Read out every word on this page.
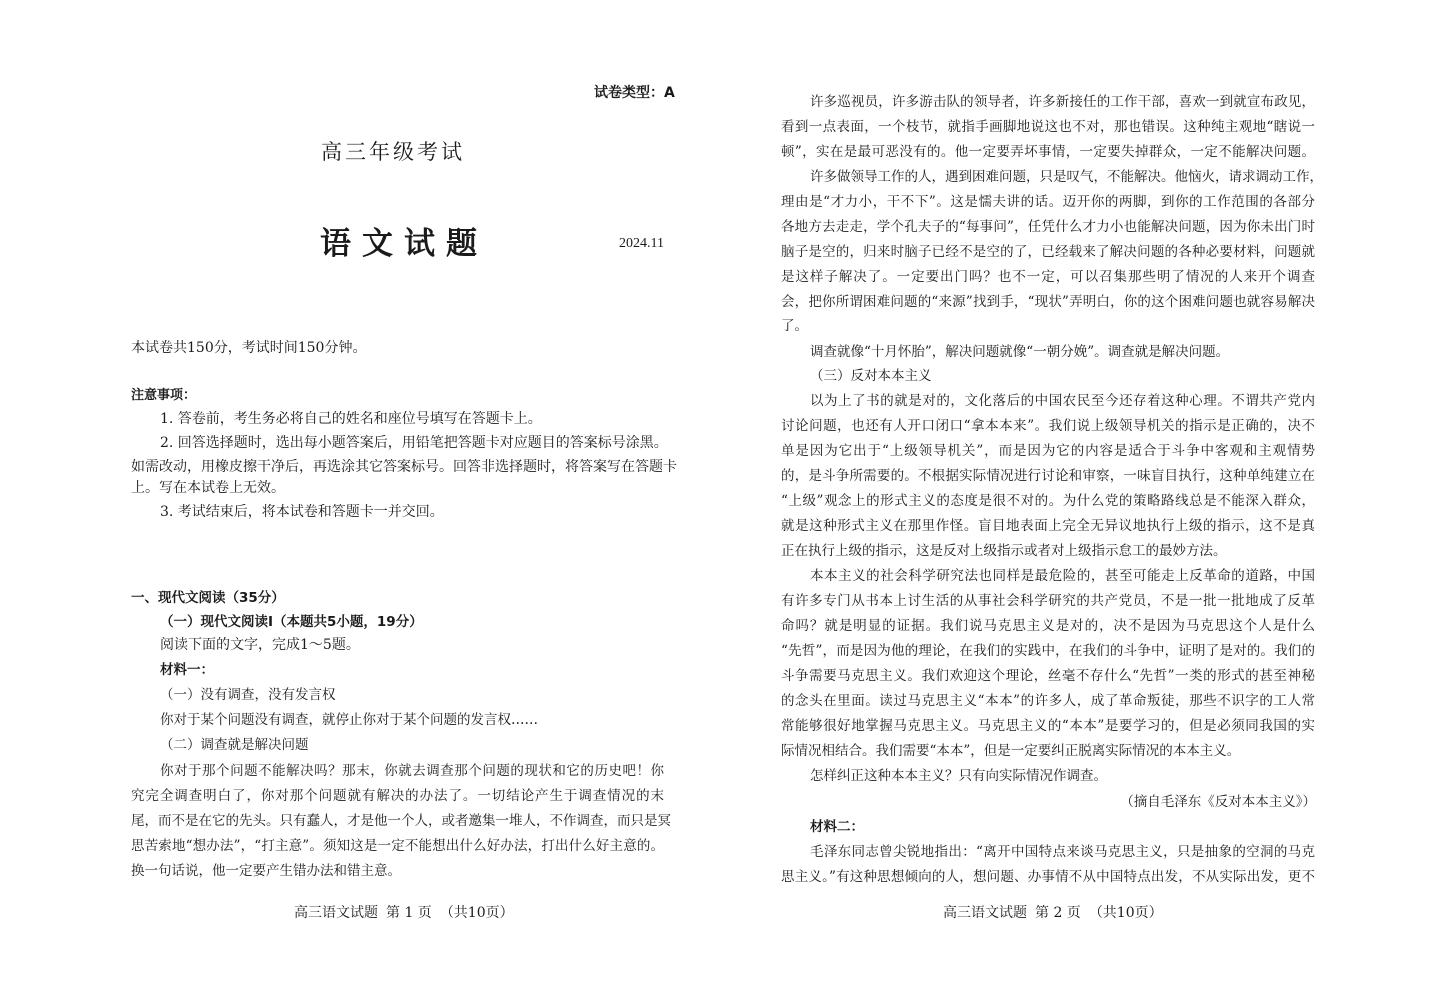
试卷类型：A
高三年级考试
语文试题	2024.11
本试卷共150分，考试时间150分钟。
注意事项：
1. 答卷前，考生务必将自己的姓名和座位号填写在答题卡上。
2. 回答选择题时，选出每小题答案后，用铅笔把答题卡对应题目的答案标号涂黑。
如需改动，用橡皮擦干净后，再选涂其它答案标号。回答非选择题时，将答案写在答题卡
上。写在本试卷上无效。
3. 考试结束后，将本试卷和答题卡一并交回。
一、现代文阅读（35分）
（一）现代文阅读Ⅰ（本题共5小题，19分）
阅读下面的文字，完成1～5题。
材料一：
（一）没有调查，没有发言权
你对于某个问题没有调查，就停止你对于某个问题的发言权……
（二）调查就是解决问题
你对于那个问题不能解决吗？那末，你就去调查那个问题的现状和它的历史吧！你
究完全调查明白了，你对那个问题就有解决的办法了。一切结论产生于调查情况的末
尾，而不是在它的先头。只有蠢人，才是他一个人，或者邀集一堆人，不作调查，而只是冥
思苦索地“想办法”，“打主意”。须知这是一定不能想出什么好办法，打出什么好主意的。
换一句话说，他一定要产生错办法和错主意。
高三语文试题 第 1 页 （共10页）
许多巡视员，许多游击队的领导者，许多新接任的工作干部，喜欢一到就宣布政见，
看到一点表面，一个枝节，就指手画脚地说这也不对，那也错误。这种纯主观地“瞎说一
顿”，实在是最可恶没有的。他一定要弄坏事情，一定要失掉群众，一定不能解决问题。
许多做领导工作的人，遇到困难问题，只是叹气，不能解决。他恼火，请求调动工作，
理由是“才力小，干不下”。这是懦夫讲的话。迈开你的两脚，到你的工作范围的各部分
各地方去走走，学个孔夫子的“每事问”，任凭什么才力小也能解决问题，因为你未出门时
脑子是空的，归来时脑子已经不是空的了，已经载来了解决问题的各种必要材料，问题就
是这样子解决了。一定要出门吗？也不一定，可以召集那些明了情况的人来开个调查
会，把你所谓困难问题的“来源”找到手，“现状”弄明白，你的这个困难问题也就容易解决
了。
调查就像“十月怀胎”，解决问题就像“一朝分娩”。调查就是解决问题。
（三）反对本本主义
以为上了书的就是对的，文化落后的中国农民至今还存着这种心理。不谓共产党内
讨论问题，也还有人开口闭口“拿本本来”。我们说上级领导机关的指示是正确的，决不
单是因为它出于“上级领导机关”，而是因为它的内容是适合于斗争中客观和主观情势
的，是斗争所需要的。不根据实际情况进行讨论和审察，一味盲目执行，这种单纯建立在
“上级”观念上的形式主义的态度是很不对的。为什么党的策略路线总是不能深入群众，
就是这种形式主义在那里作怪。盲目地表面上完全无异议地执行上级的指示，这不是真
正在执行上级的指示，这是反对上级指示或者对上级指示怠工的最妙方法。
本本主义的社会科学研究法也同样是最危险的，甚至可能走上反革命的道路，中国
有许多专门从书本上讨生活的从事社会科学研究的共产党员，不是一批一批地成了反革
命吗？就是明显的证据。我们说马克思主义是对的，决不是因为马克思这个人是什么
“先哲”，而是因为他的理论，在我们的实践中，在我们的斗争中，证明了是对的。我们的
斗争需要马克思主义。我们欢迎这个理论，丝毫不存什么“先哲”一类的形式的甚至神秘
的念头在里面。读过马克思主义“本本”的许多人，成了革命叛徒，那些不识字的工人常
常能够很好地掌握马克思主义。马克思主义的“本本”是要学习的，但是必须同我国的实
际情况相结合。我们需要“本本”，但是一定要纠正脱离实际情况的本本主义。
怎样纠正这种本本主义？只有向实际情况作调查。
（摘自毛泽东《反对本本主义》）
材料二：
毛泽东同志曾尖锐地指出：“离开中国特点来谈马克思主义，只是抽象的空洞的马克
思主义。”有这种思想倾向的人，想问题、办事情不从中国特点出发，不从实际出发，更不
高三语文试题 第 2 页 （共10页）
